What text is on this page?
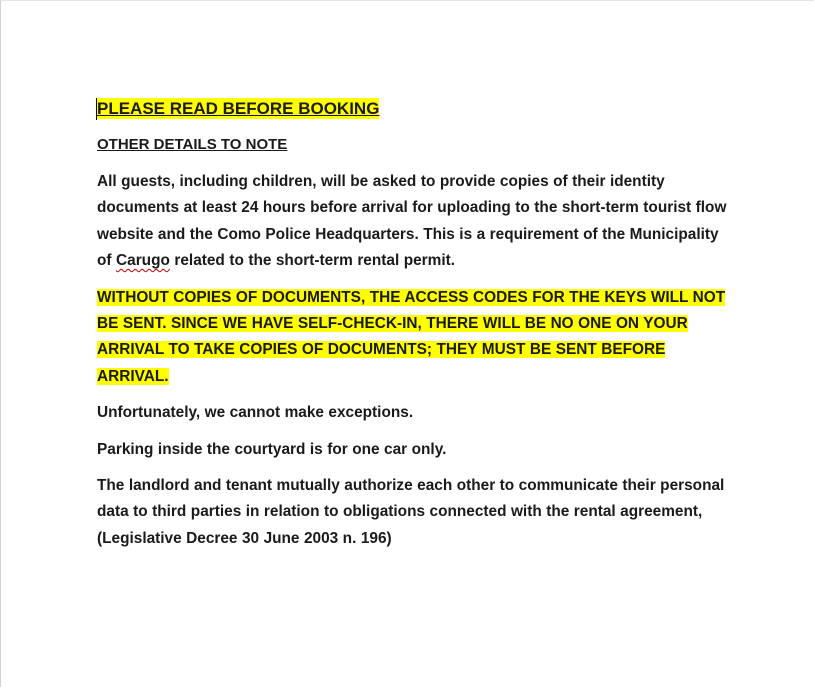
PLEASE READ BEFORE BOOKING
OTHER DETAILS TO NOTE
All guests, including children, will be asked to provide copies of their identity documents at least 24 hours before arrival for uploading to the short-term tourist flow website and the Como Police Headquarters. This is a requirement of the Municipality of Carugo related to the short-term rental permit.
WITHOUT COPIES OF DOCUMENTS, THE ACCESS CODES FOR THE KEYS WILL NOT BE SENT. SINCE WE HAVE SELF-CHECK-IN, THERE WILL BE NO ONE ON YOUR ARRIVAL TO TAKE COPIES OF DOCUMENTS; THEY MUST BE SENT BEFORE ARRIVAL.
Unfortunately, we cannot make exceptions.
Parking inside the courtyard is for one car only.
The landlord and tenant mutually authorize each other to communicate their personal data to third parties in relation to obligations connected with the rental agreement, (Legislative Decree 30 June 2003 n. 196)
